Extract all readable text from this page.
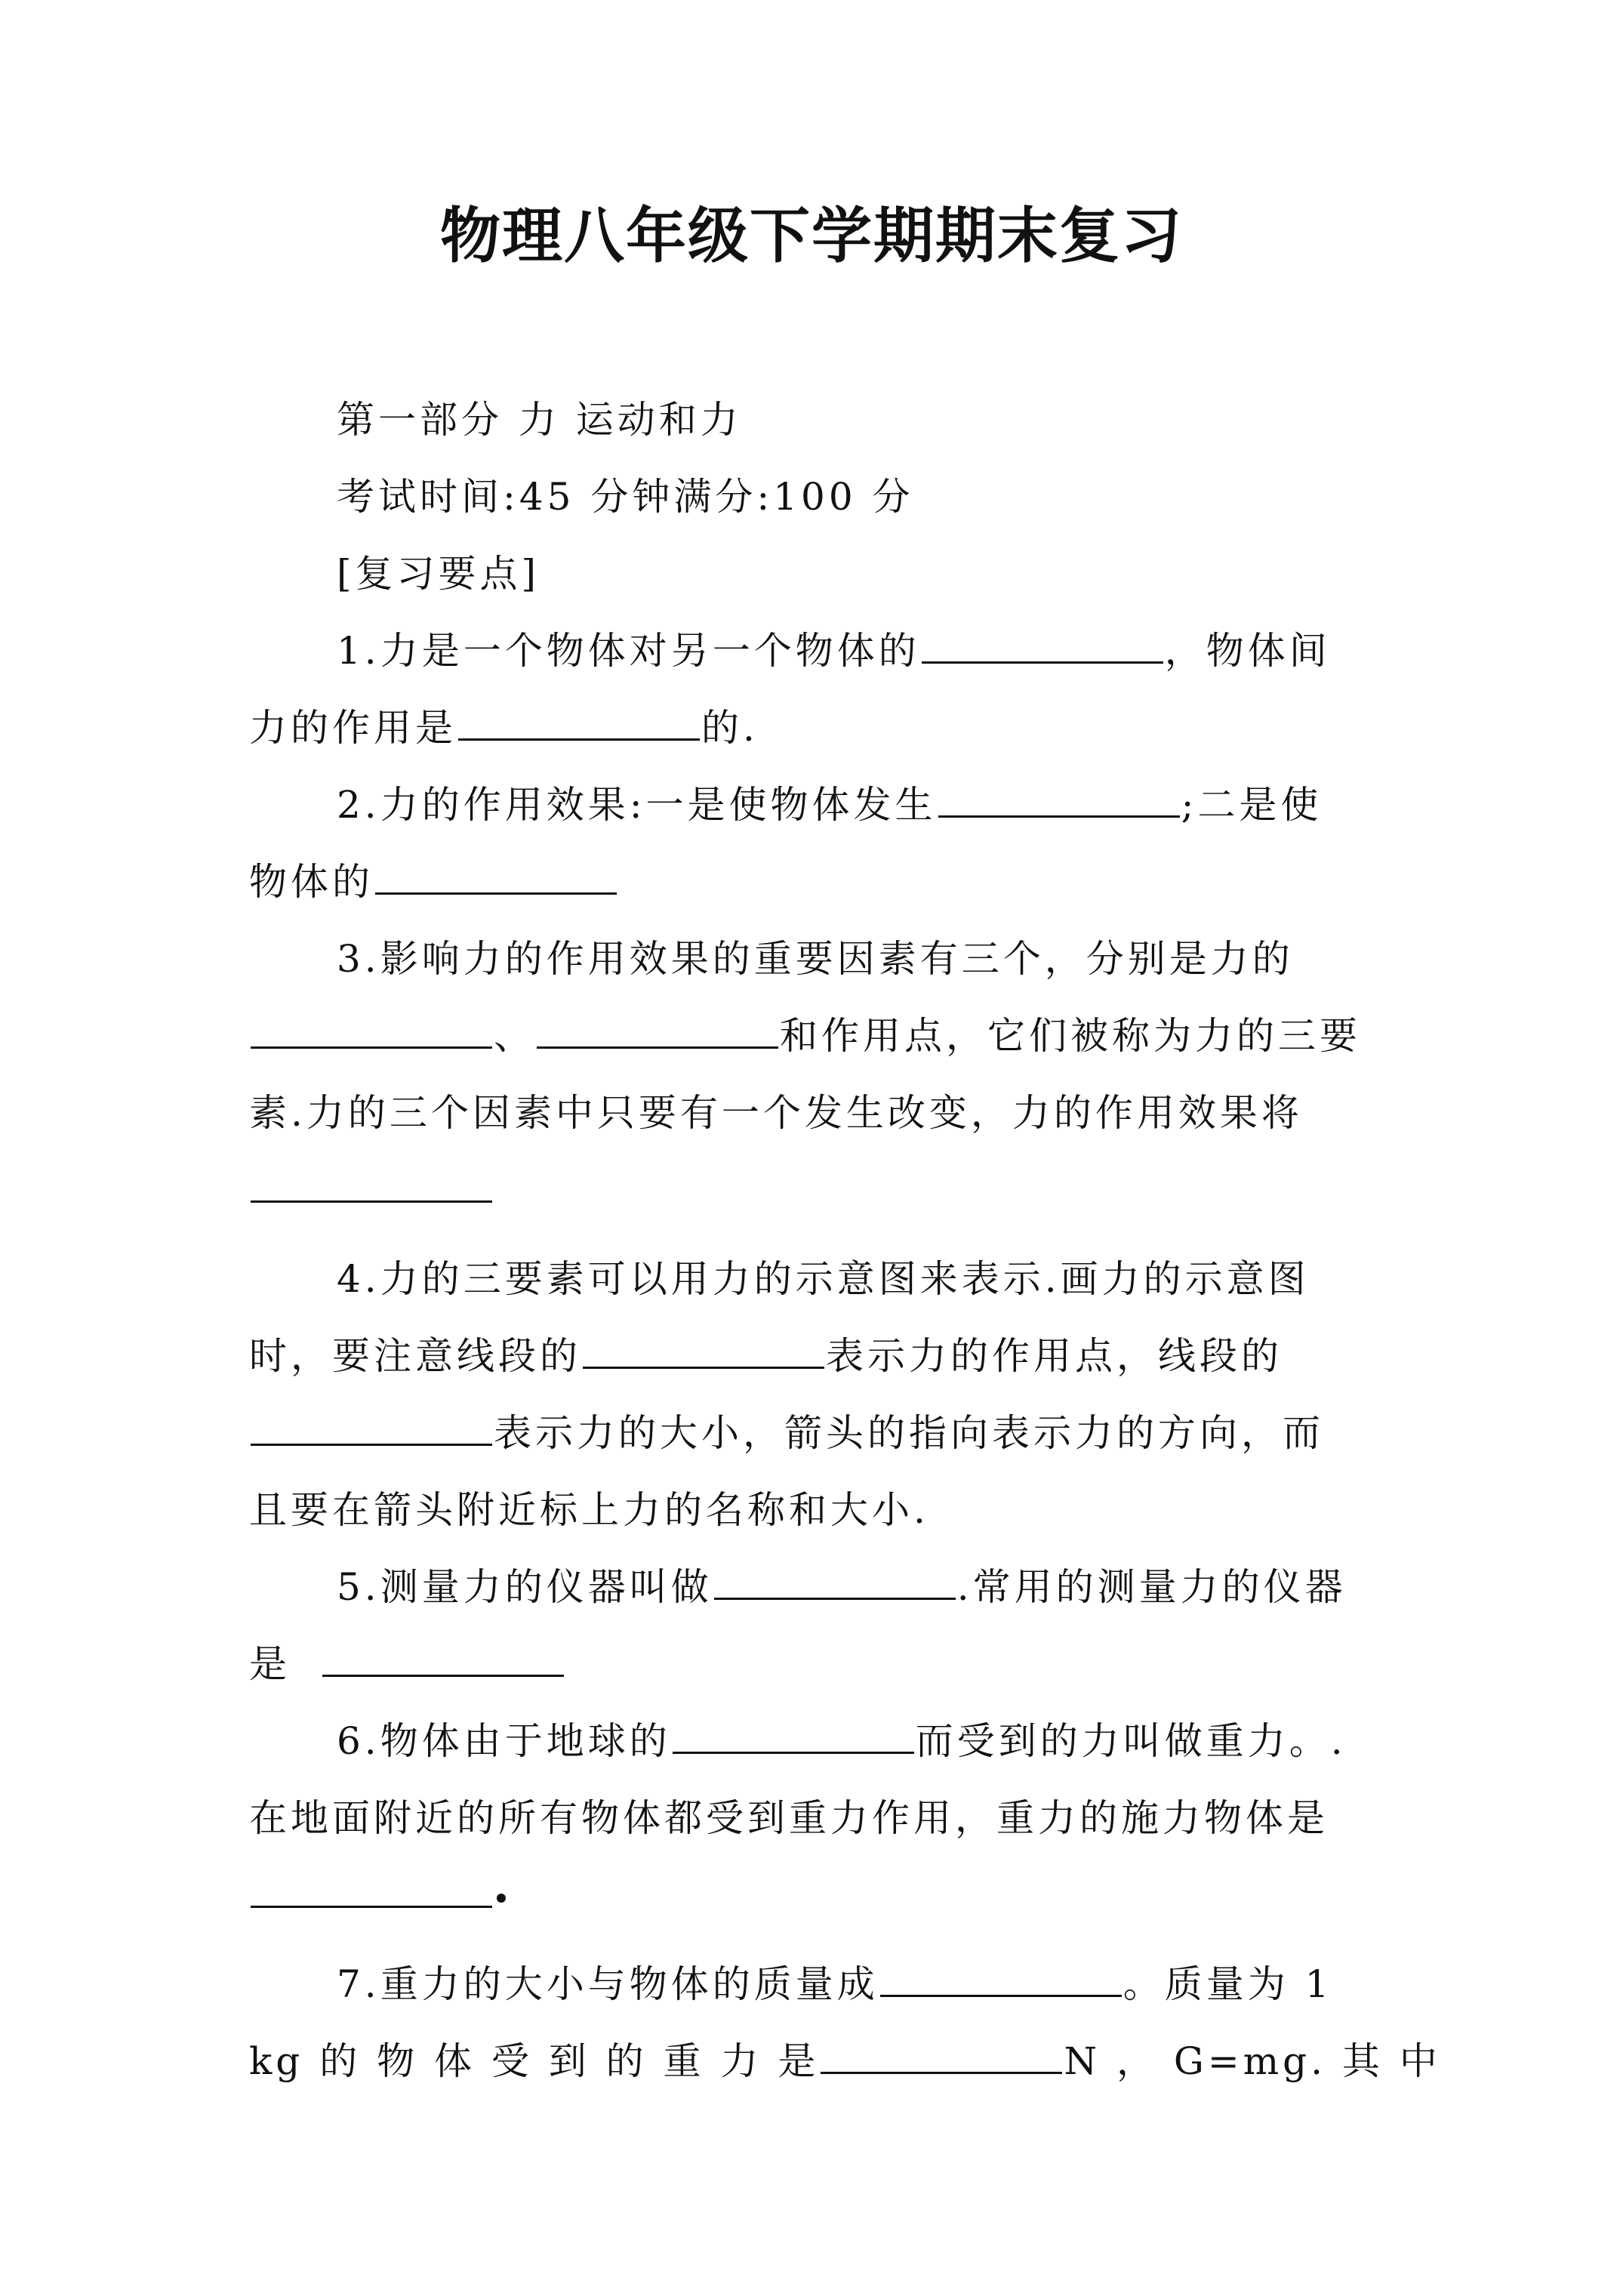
物理八年级下学期期末复习
第一部分 力 运动和力
考试时间:45 分钟满分:100 分
[复习要点]
1.力是一个物体对另一个物体的	，物体间
力的作用是	的.
2.力的作用效果:一是使物体发生	;二是使
物体的
3.影响力的作用效果的重要因素有三个，分别是力的
、	和作用点，它们被称为力的三要
素.力的三个因素中只要有一个发生改变，力的作用效果将
4.力的三要素可以用力的示意图来表示.画力的示意图
时，要注意线段的	表示力的作用点，线段的
表示力的大小，箭头的指向表示力的方向，而
且要在箭头附近标上力的名称和大小.
5.测量力的仪器叫做	.常用的测量力的仪器
是
6.物体由于地球的	而受到的力叫做重力。.
在地面附近的所有物体都受到重力作用，重力的施力物体是
7.重力的大小与物体的质量成	。质量为 1
kg 的 物 体 受 到 的 重 力 是	N ， G=mg. 其 中
